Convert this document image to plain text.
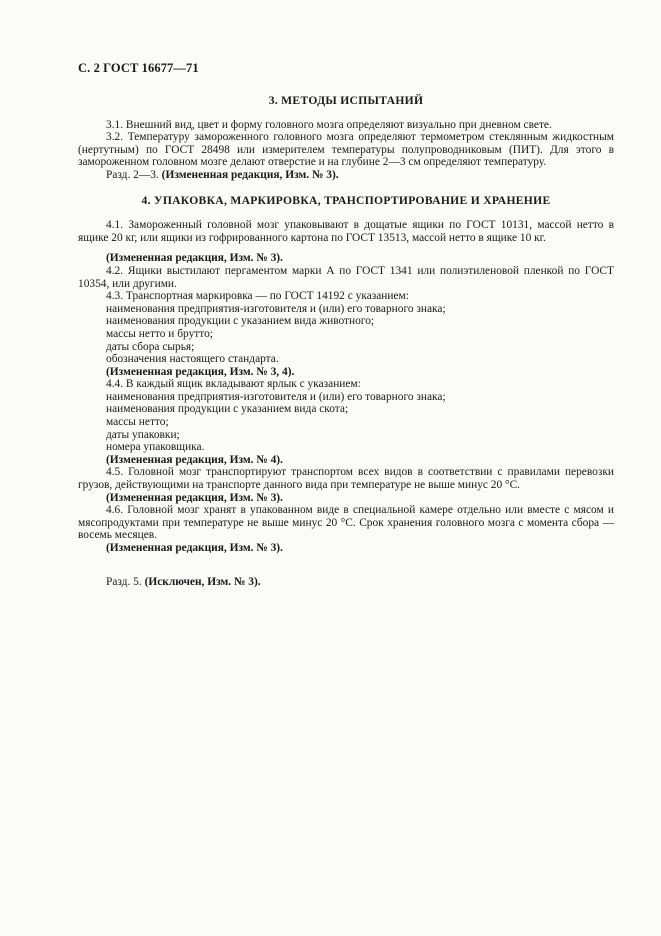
С. 2 ГОСТ 16677—71
3. МЕТОДЫ ИСПЫТАНИЙ

3.1. Внешний вид, цвет и форму головного мозга определяют визуально при дневном свете.

3.2. Температуру замороженного головного мозга определяют термометром стеклянным жидкостным (нертутным) по ГОСТ 28498 или измерителем температуры полупроводниковым (ПИТ). Для этого в замороженном головном мозге делают отверстие и на глубине 2—3 см определяют температуру.

Разд. 2—3. (Измененная редакция, Изм. № 3).

4. УПАКОВКА, МАРКИРОВКА, ТРАНСПОРТИРОВАНИЕ И ХРАНЕНИЕ

4.1. Замороженный головной мозг упаковывают в дощатые ящики по ГОСТ 10131, массой нетто в ящике 20 кг, или ящики из гофрированного картона по ГОСТ 13513, массой нетто в ящике 10 кг.

(Измененная редакция, Изм. № 3).

4.2. Ящики выстилают пергаментом марки А по ГОСТ 1341 или полиэтиленовой пленкой по ГОСТ 10354, или другими.

4.3. Транспортная маркировка — по ГОСТ 14192 с указанием:

наименования предприятия-изготовителя и (или) его товарного знака;

наименования продукции с указанием вида животного;

массы нетто и брутто;

даты сбора сырья;

обозначения настоящего стандарта.

(Измененная редакция, Изм. № 3, 4).

4.4. В каждый ящик вкладывают ярлык с указанием:

наименования предприятия-изготовителя и (или) его товарного знака;

наименования продукции с указанием вида скота;

массы нетто;

даты упаковки;

номера упаковщика.

(Измененная редакция, Изм. № 4).

4.5. Головной мозг транспортируют транспортом всех видов в соответствии с правилами перевозки грузов, действующими на транспорте данного вида при температуре не выше минус 20 °С.

(Измененная редакция, Изм. № 3).

4.6. Головной мозг хранят в упакованном виде в специальной камере отдельно или вместе с мясом и мясопродуктами при температуре не выше минус 20 °С. Срок хранения головного мозга с момента сбора — восемь месяцев.

(Измененная редакция, Изм. № 3).

Разд. 5. (Исключен, Изм. № 3).
